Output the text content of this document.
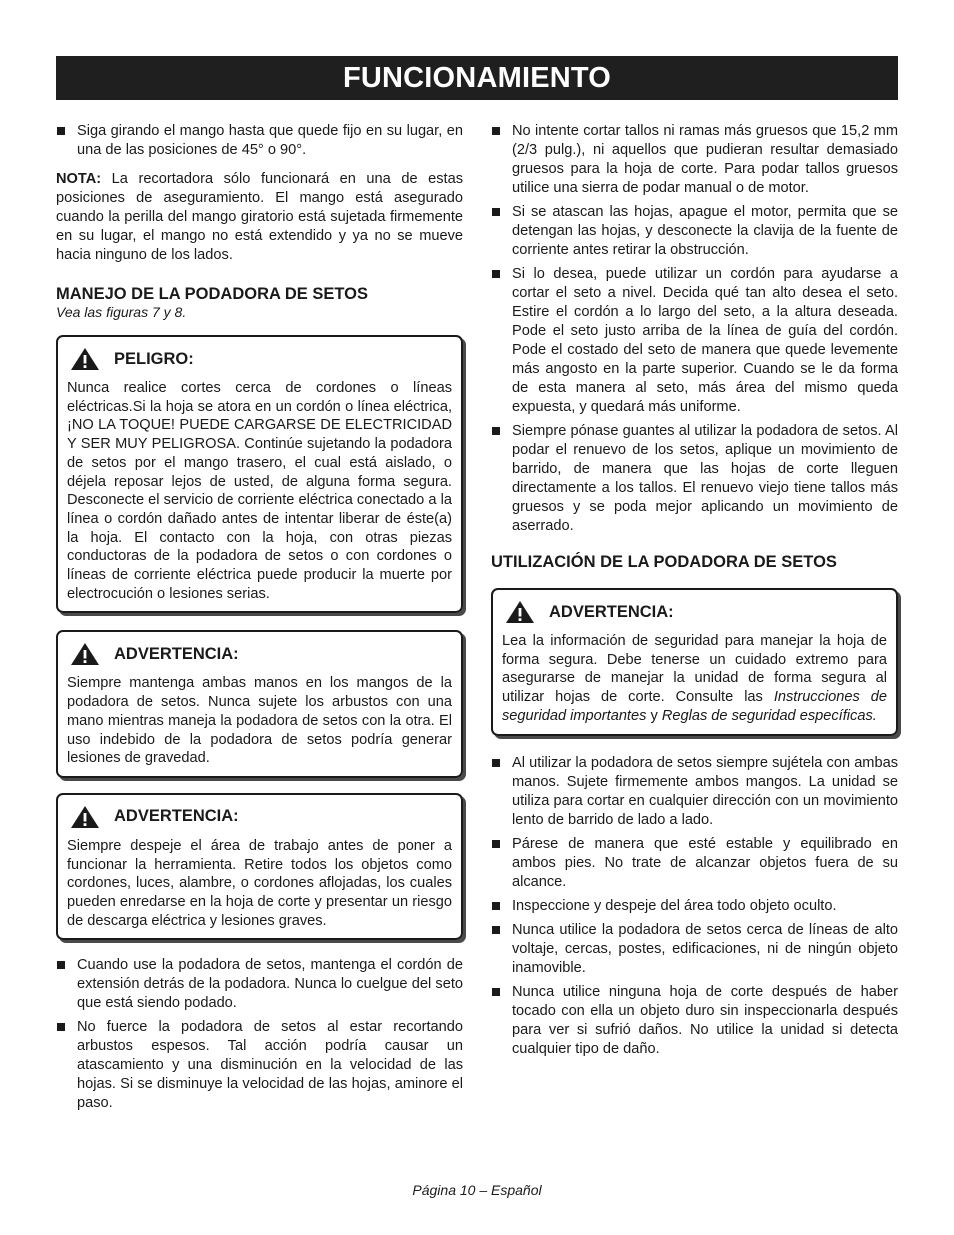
FUNCIONAMIENTO
Siga girando el mango hasta que quede fijo en su lugar, en una de las posiciones de 45° o 90°.

NOTA: La recortadora sólo funcionará en una de estas posiciones de aseguramiento. El mango está asegurado cuando la perilla del mango giratorio está sujetada firmemente en su lugar, el mango no está extendido y ya no se mueve hacia ninguno de los lados.

MANEJO DE LA PODADORA DE SETOS
Vea las figuras 7 y 8.
PELIGRO:

Nunca realice cortes cerca de cordones o líneas eléctricas.Si la hoja se atora en un cordón o línea eléctrica, ¡NO LA TOQUE! PUEDE CARGARSE DE ELECTRICIDAD Y SER MUY PELIGROSA. Continúe sujetando la podadora de setos por el mango trasero, el cual está aislado, o déjela reposar lejos de usted, de alguna forma segura. Desconecte el servicio de corriente eléctrica conectado a la línea o cordón dañado antes de intentar liberar de éste(a) la hoja. El contacto con la hoja, con otras piezas conductoras de la podadora de setos o con cordones o líneas de corriente eléctrica puede producir la muerte por electrocución o lesiones serias.

ADVERTENCIA:

Siempre mantenga ambas manos en los mangos de la podadora de setos. Nunca sujete los arbustos con una mano mientras maneja la podadora de setos con la otra. El uso indebido de la podadora de setos podría generar lesiones de gravedad.

ADVERTENCIA:

Siempre despeje el área de trabajo antes de poner a funcionar la herramienta. Retire todos los objetos como cordones, luces, alambre, o cordones aflojadas, los cuales pueden enredarse en la hoja de corte y presentar un riesgo de descarga eléctrica y lesiones graves.

Cuando use la podadora de setos, mantenga el cordón de extensión detrás de la podadora. Nunca lo cuelgue del seto que está siendo podado.
No fuerce la podadora de setos al estar recortando arbustos espesos. Tal acción podría causar un atascamiento y una disminución en la velocidad de las hojas. Si se disminuye la velocidad de las hojas, aminore el paso.
No intente cortar tallos ni ramas más gruesos que 15,2 mm (2/3 pulg.), ni aquellos que pudieran resultar demasiado gruesos para la hoja de corte. Para podar tallos gruesos utilice una sierra de podar manual o de motor.
Si se atascan las hojas, apague el motor, permita que se detengan las hojas, y desconecte la clavija de la fuente de corriente antes retirar la obstrucción.
Si lo desea, puede utilizar un cordón para ayudarse a cortar el seto a nivel. Decida qué tan alto desea el seto. Estire el cordón a lo largo del seto, a la altura deseada. Pode el seto justo arriba de la línea de guía del cordón. Pode el costado del seto de manera que quede levemente más angosto en la parte superior. Cuando se le da forma de esta manera al seto, más área del mismo queda expuesta, y quedará más uniforme.
Siempre pónase guantes al utilizar la podadora de setos. Al podar el renuevo de los setos, aplique un movimiento de barrido, de manera que las hojas de corte lleguen directamente a los tallos. El renuevo viejo tiene tallos más gruesos y se poda mejor aplicando un movimiento de aserrado.
UTILIZACIÓN DE LA PODADORA DE SETOS
ADVERTENCIA:

Lea la información de seguridad para manejar la hoja de forma segura. Debe tenerse un cuidado extremo para asegurarse de manejar la unidad de forma segura al utilizar hojas de corte. Consulte las Instrucciones de seguridad importantes y Reglas de seguridad específicas.

Al utilizar la podadora de setos siempre sujétela con ambas manos. Sujete firmemente ambos mangos. La unidad se utiliza para cortar en cualquier dirección con un movimiento lento de barrido de lado a lado.
Párese de manera que esté estable y equilibrado en ambos pies. No trate de alcanzar objetos fuera de su alcance.
Inspeccione y despeje del área todo objeto oculto.
Nunca utilice la podadora de setos cerca de líneas de alto voltaje, cercas, postes, edificaciones, ni de ningún objeto inamovible.
Nunca utilice ninguna hoja de corte después de haber tocado con ella un objeto duro sin inspeccionarla después para ver si sufrió daños. No utilice la unidad si detecta cualquier tipo de daño.
Página 10 – Español
